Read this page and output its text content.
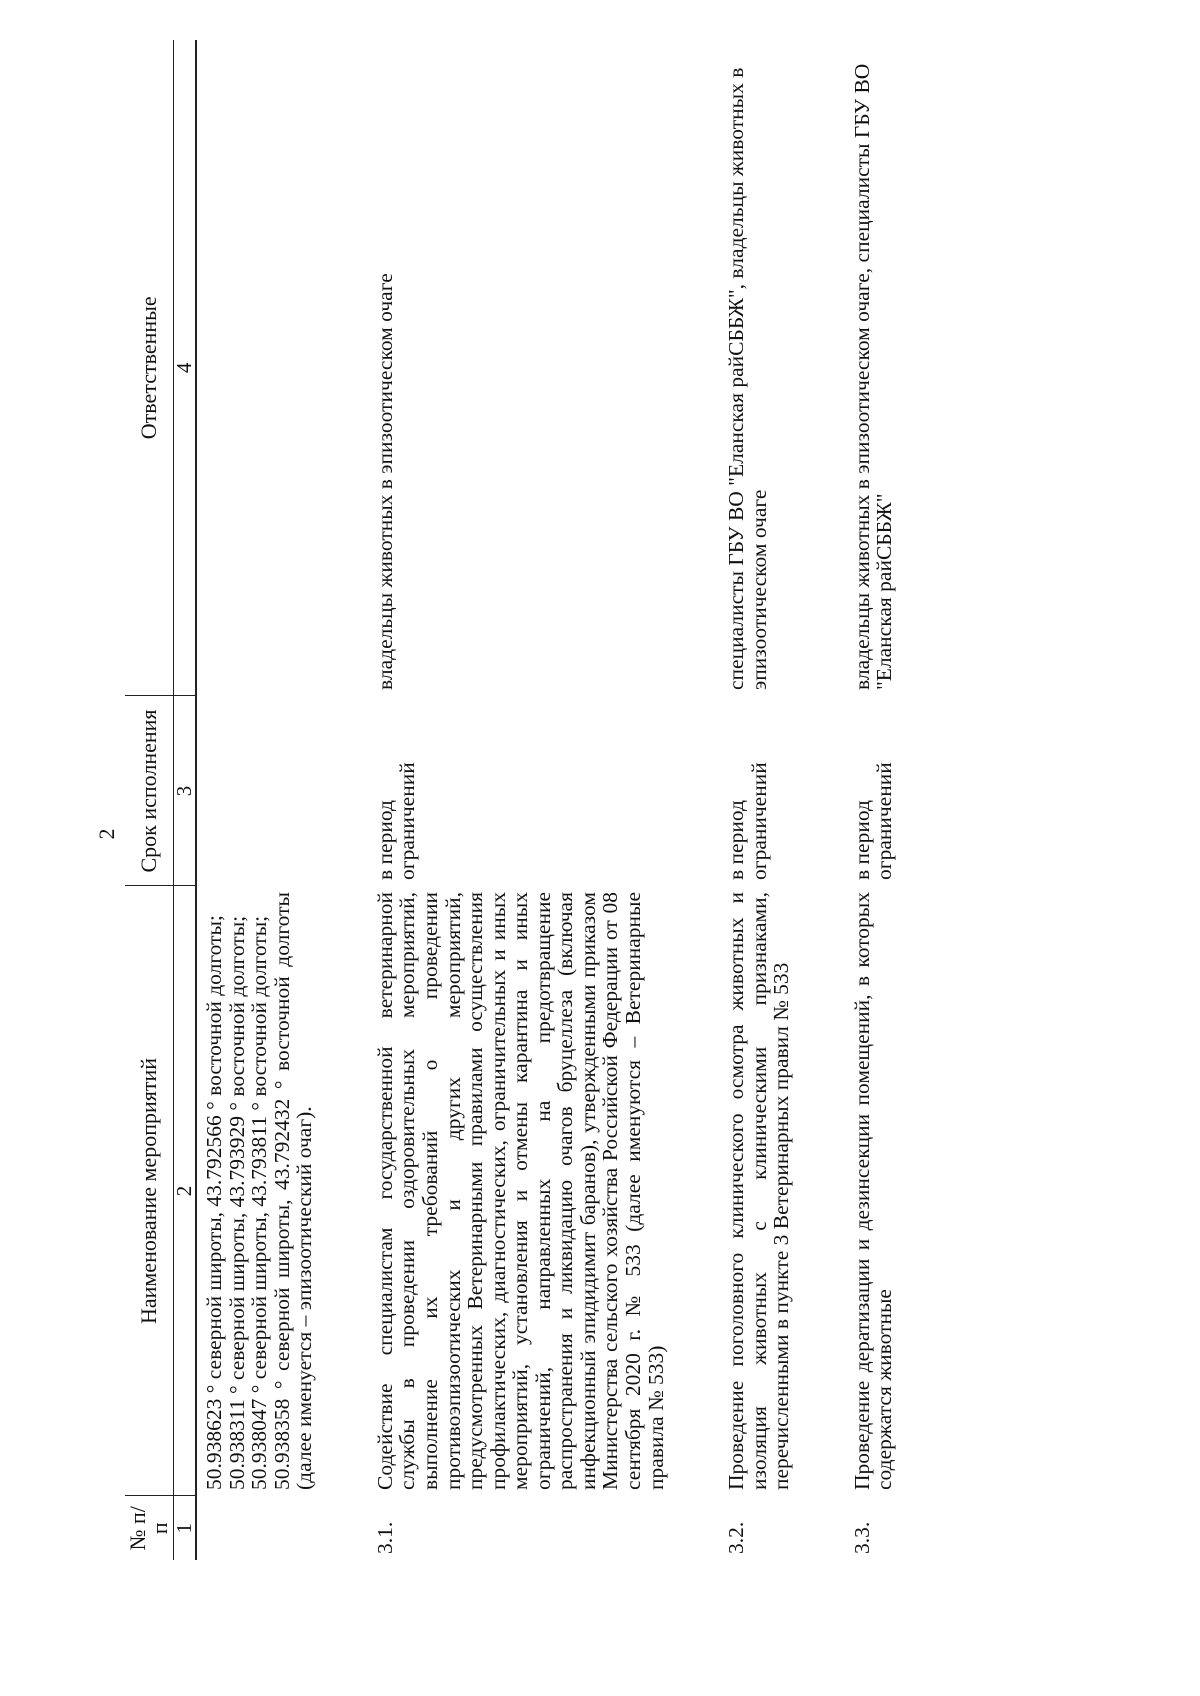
2
№ п/п	Наименование мероприятий	Срок исполнения	Ответственные
1	2	3	4

	50.938623 ° северной широты, 43.792566 ° восточной долготы;
50.938311 ° северной широты, 43.793929 ° восточной долготы;
50.938047 ° северной широты, 43.793811 ° восточной долготы;
50.938358 ° северной широты, 43.792432 ° восточной долготы (далее именуется – эпизоотический очаг).		

3.1.	Содействие специалистам государственной ветеринарной службы в проведении оздоровительных мероприятий, выполнение их требований о проведении противоэпизоотических и других мероприятий, предусмотренных Ветеринарными правилами осуществления профилактических, диагностических, ограничительных и иных мероприятий, установления и отмены карантина и иных ограничений, направленных на предотвращение распространения и ликвидацию очагов бруцеллеза (включая инфекционный эпидидимит баранов), утвержденными приказом Министерства сельского хозяйства Российской Федерации от 08 сентября 2020 г. № 533 (далее именуются – Ветеринарные правила № 533)	в период ограничений	владельцы животных в эпизоотическом очаге

3.2.	Проведение поголовного клинического осмотра животных и изоляция животных с клиническими признаками, перечисленными в пункте 3 Ветеринарных правил № 533	в период ограничений	специалисты ГБУ ВО "Еланская райСББЖ", владельцы животных в эпизоотическом очаге

3.3.	Проведение дератизации и дезинсекции помещений, в которых содержатся животные	в период ограничений	владельцы животных в эпизоотическом очаге, специалисты ГБУ ВО "Еланская райСББЖ"
